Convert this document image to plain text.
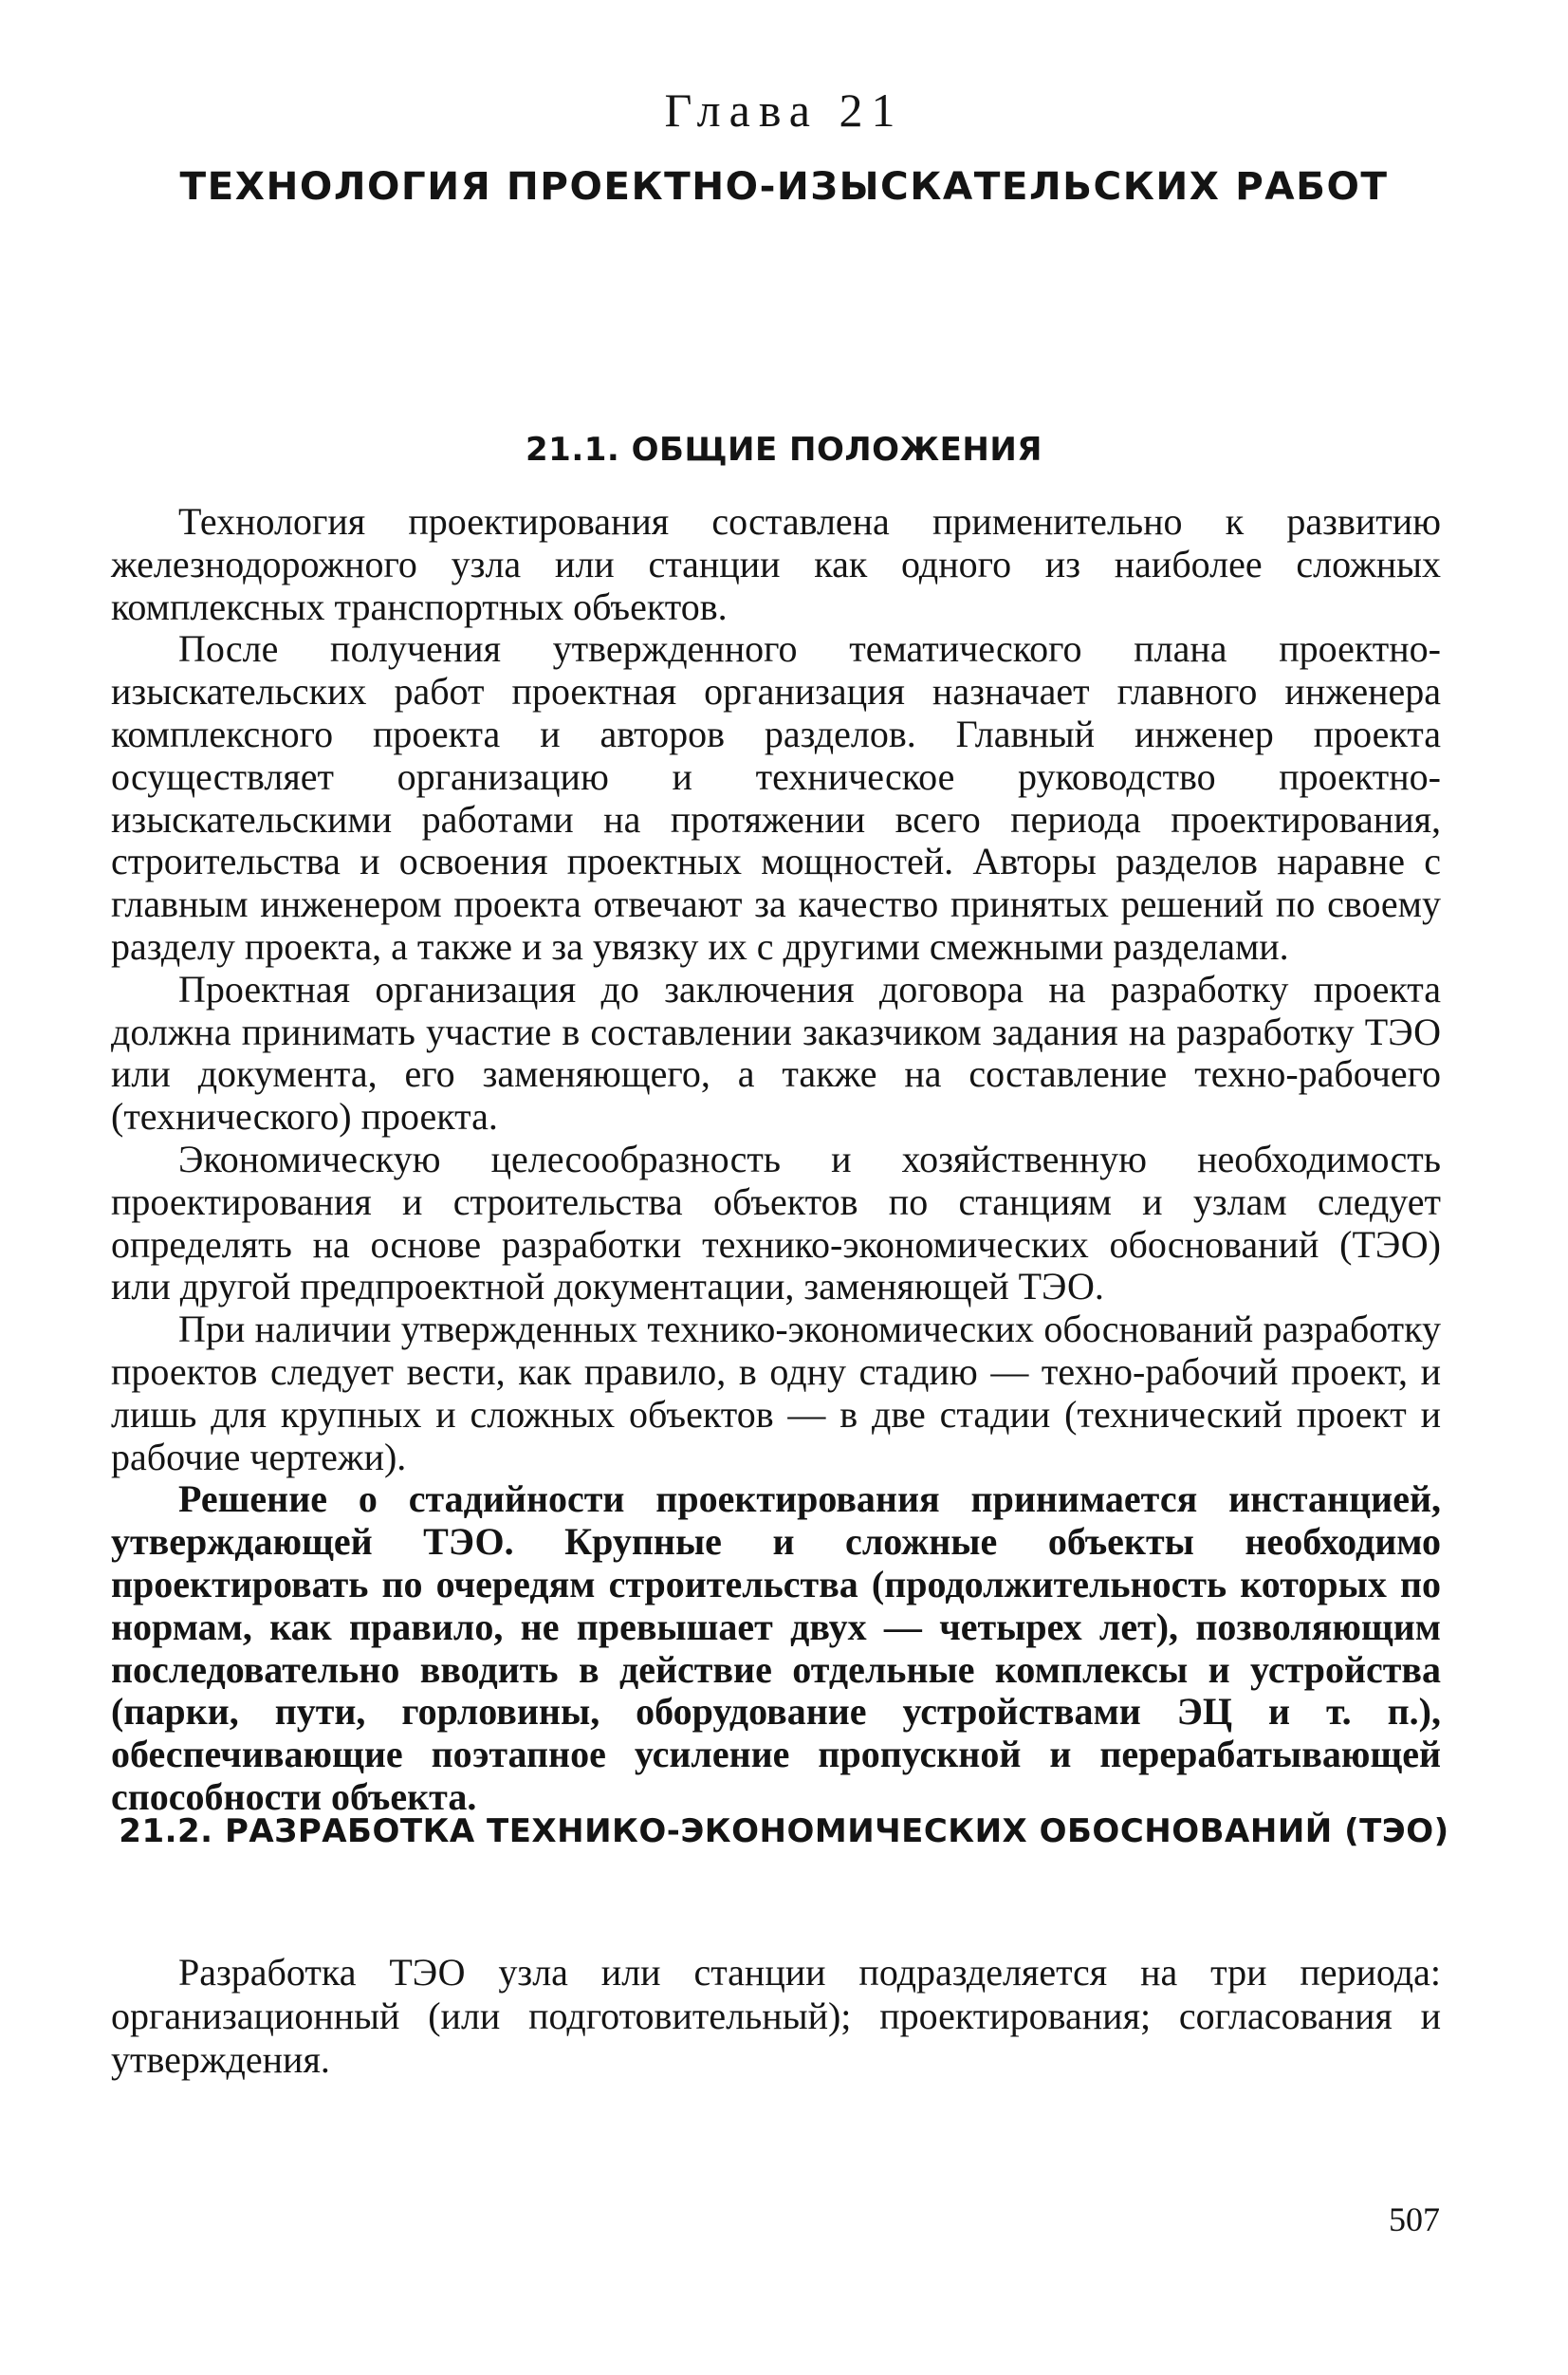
Глава 21
ТЕХНОЛОГИЯ ПРОЕКТНО-ИЗЫСКАТЕЛЬСКИХ РАБОТ
21.1. ОБЩИЕ ПОЛОЖЕНИЯ

Технология проектирования составлена применительно к развитию железнодорожного узла или станции как одного из наиболее сложных комплексных транспортных объектов.

После получения утвержденного тематического плана проектно-изыскательских работ проектная организация назначает главного инженера комплексного проекта и авторов разделов. Главный инженер проекта осуществляет организацию и техническое руководство проектно-изыскательскими работами на протяжении всего периода проектирования, строительства и освоения проектных мощностей. Авторы разделов наравне с главным инженером проекта отвечают за качество принятых решений по своему разделу проекта, а также и за увязку их с другими смежными разделами.

Проектная организация до заключения договора на разработку проекта должна принимать участие в составлении заказчиком задания на разработку ТЭО или документа, его заменяющего, а также на составление техно-рабочего (технического) проекта.

Экономическую целесообразность и хозяйственную необходимость проектирования и строительства объектов по станциям и узлам следует определять на основе разработки технико-экономических обоснований (ТЭО) или другой предпроектной документации, заменяющей ТЭО.

При наличии утвержденных технико-экономических обоснований разработку проектов следует вести, как правило, в одну стадию — техно-рабочий проект, и лишь для крупных и сложных объектов — в две стадии (технический проект и рабочие чертежи).

Решение о стадийности проектирования принимается инстанцией, утверждающей ТЭО. Крупные и сложные объекты необходимо проектировать по очередям строительства (продолжительность которых по нормам, как правило, не превышает двух — четырех лет), позволяющим последовательно вводить в действие отдельные комплексы и устройства (парки, пути, горловины, оборудование устройствами ЭЦ и т. п.), обеспечивающие поэтапное усиление пропускной и перерабатывающей способности объекта.

21.2. РАЗРАБОТКА ТЕХНИКО-ЭКОНОМИЧЕСКИХ ОБОСНОВАНИЙ (ТЭО)

Разработка ТЭО узла или станции подразделяется на три периода: организационный (или подготовительный); проектирования; согласования и утверждения.

507
